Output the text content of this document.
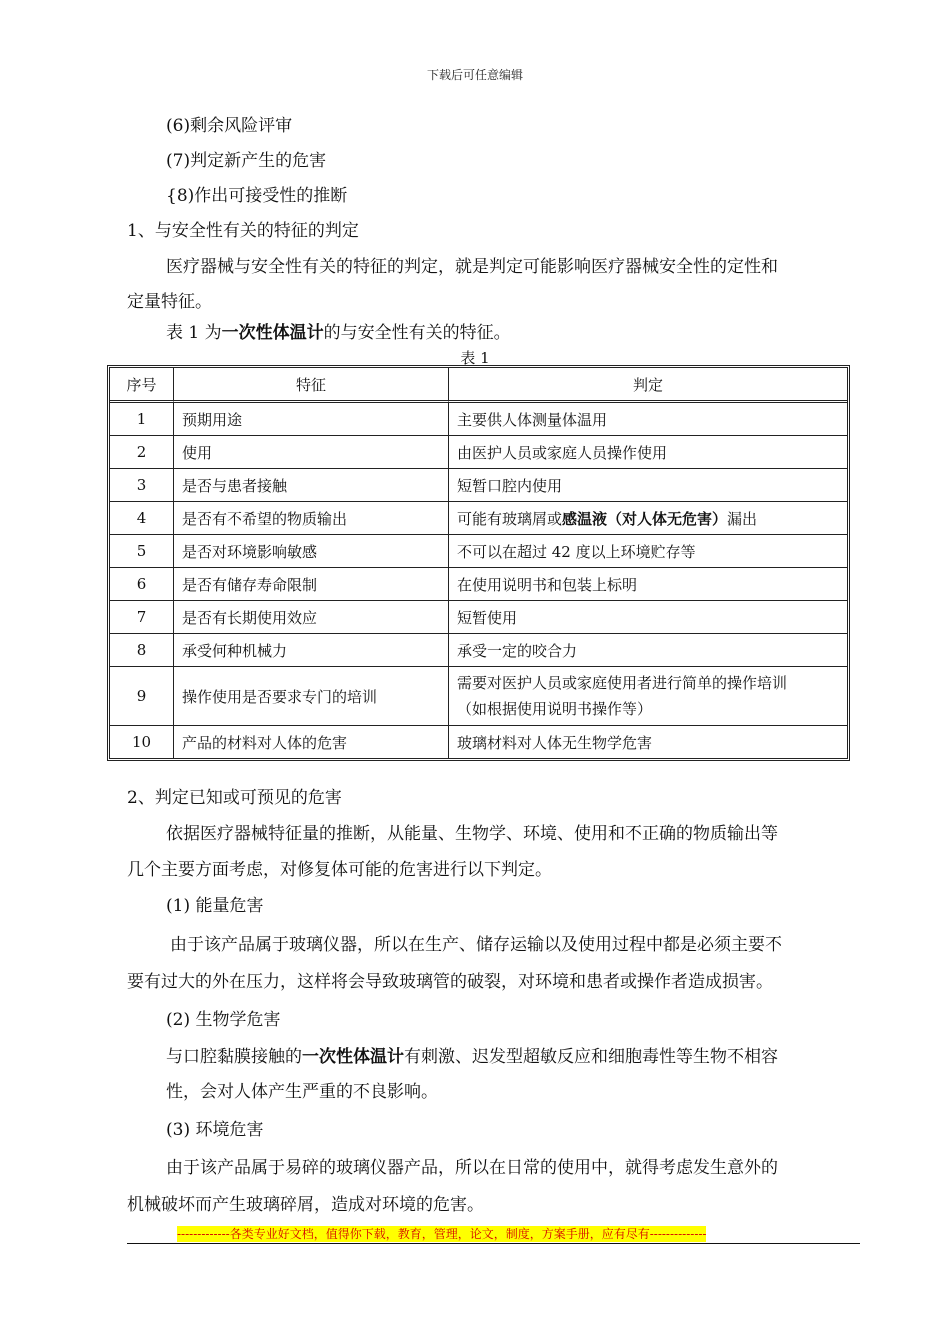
下载后可任意编辑
(6)剩余风险评审
(7)判定新产生的危害
{8)作出可接受性的推断
1、与安全性有关的特征的判定
医疗器械与安全性有关的特征的判定，就是判定可能影响医疗器械安全性的定性和
定量特征。
表 1 为一次性体温计的与安全性有关的特征。
表 1
序号	特征	判定
1	预期用途	主要供人体测量体温用
2	使用	由医护人员或家庭人员操作使用
3	是否与患者接触	短暂口腔内使用
4	是否有不希望的物质输出	可能有玻璃屑或感温液（对人体无危害）漏出
5	是否对环境影响敏感	不可以在超过 42 度以上环境贮存等
6	是否有储存寿命限制	在使用说明书和包装上标明
7	是否有长期使用效应	短暂使用
8	承受何种机械力	承受一定的咬合力
9	操作使用是否要求专门的培训	需要对医护人员或家庭使用者进行简单的操作培训
（如根据使用说明书操作等）

10	产品的材料对人体的危害	玻璃材料对人体无生物学危害
2、判定已知或可预见的危害
依据医疗器械特征量的推断，从能量、生物学、环境、使用和不正确的物质输出等
几个主要方面考虑，对修复体可能的危害进行以下判定。
(1) 能量危害
由于该产品属于玻璃仪器，所以在生产、储存运输以及使用过程中都是必须主要不
要有过大的外在压力，这样将会导致玻璃管的破裂，对环境和患者或操作者造成损害。
(2) 生物学危害
与口腔黏膜接触的一次性体温计有刺激、迟发型超敏反应和细胞毒性等生物不相容
性，会对人体产生严重的不良影响。
(3) 环境危害
由于该产品属于易碎的玻璃仪器产品，所以在日常的使用中，就得考虑发生意外的
机械破坏而产生玻璃碎屑，造成对环境的危害。
-------------各类专业好文档，值得你下载，教育，管理，论文，制度，方案手册，应有尽有--------------
